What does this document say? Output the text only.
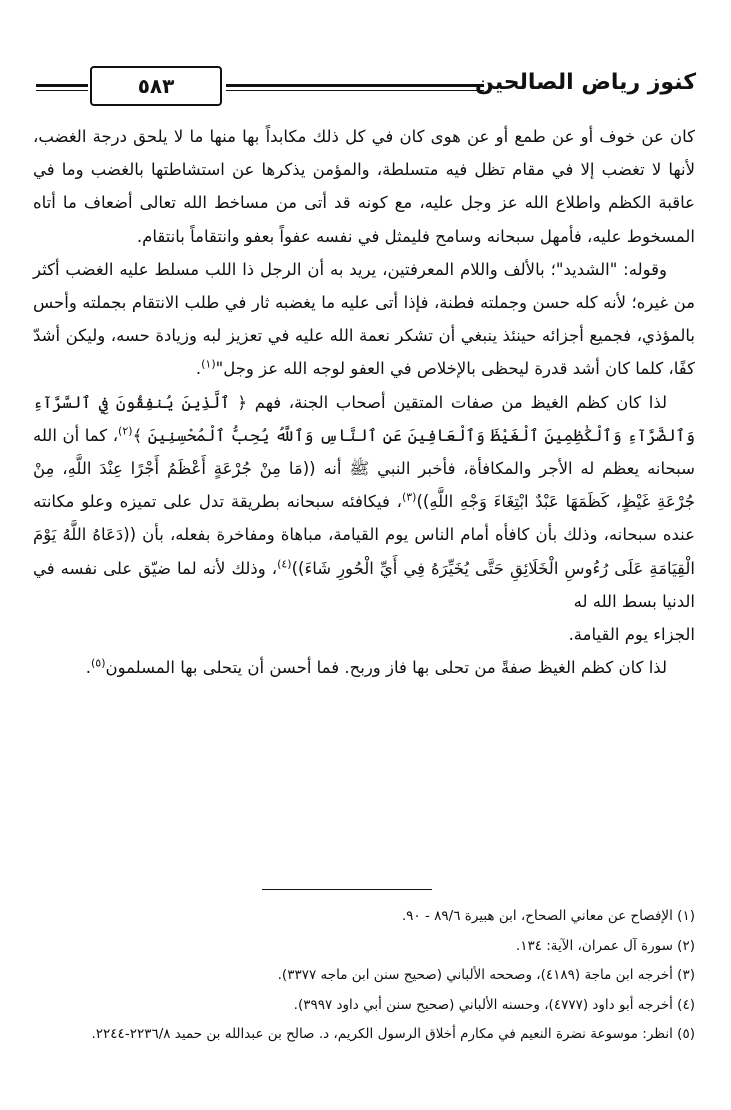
كنوز رياض الصالحين
٥٨٣

كان عن خوف أو عن طمع أو عن هوى كان في كل ذلك مكابداً بها منها ما لا يلحق درجة الغضب، لأنها لا تغضب إلا في مقام تظل فيه متسلطة، والمؤمن يذكرها عن استشاطتها بالغضب وما في عاقبة الكظم واطلاع الله عز وجل عليه، مع كونه قد أتى من مساخط الله تعالى أضعاف ما أتاه المسخوط عليه، فأمهل سبحانه وسامح فليمثل في نفسه عفواً بعفو وانتقاماً بانتقام.

وقوله: "الشديد"؛ بالألف واللام المعرفتين، يريد به أن الرجل ذا اللب مسلط عليه الغضب أكثر من غيره؛ لأنه كله حسن وجملته فطنة، فإذا أتى عليه ما يغضبه ثار في طلب الانتقام بجملته وأحس بالمؤذي، فجميع أجزائه حينئذ ينبغي أن تشكر نعمة الله عليه في تعزيز لبه وزيادة حسه، وليكن أشدّ كفًا، كلما كان أشد قدرة ليحظى بالإخلاص في العفو لوجه الله عز وجل"$^{(١)}$.

لذا كان كظم الغيظ من صفات المتقين أصحاب الجنة، فهم ﴿ ٱلَّذِينَ يُنفِقُونَ فِي ٱلسَّرَّآءِ وَٱلضَّرَّآءِ وَٱلْكَٰظِمِينَ ٱلْغَيْظَ وَٱلْعَافِينَ عَنِ ٱلنَّاسِ وَٱللَّهُ يُحِبُّ ٱلْمُحْسِنِينَ ﴾$^{(٢)}$، كما أن الله سبحانه يعظم له الأجر والمكافأة، فأخبر النبي ﷺ أنه ((مَا مِنْ جُرْعَةٍ أَعْظَمُ أَجْرًا عِنْدَ اللَّهِ، مِنْ جُرْعَةِ غَيْظٍ، كَظَمَهَا عَبْدٌ ابْتِغَاءَ وَجْهِ اللَّهِ))$^{(٣)}$، فيكافئه سبحانه بطريقة تدل على تميزه وعلو مكانته عنده سبحانه، وذلك بأن كافأه أمام الناس يوم القيامة، مباهاة ومفاخرة بفعله، بأن ((دَعَاهُ اللَّهُ يَوْمَ الْقِيَامَةِ عَلَى رُءُوسِ الْخَلَائِقِ حَتَّى يُخَيِّرَهُ فِي أَيِّ الْحُورِ شَاءَ))$^{(٤)}$، وذلك لأنه لما ضيّق على نفسه في الدنيا بسط الله له

الجزاء يوم القيامة.

لذا كان كظم الغيظ صفةً من تحلى بها فاز وربح. فما أحسن أن يتحلى بها المسلمون$^{(٥)}$.

(١) الإفصاح عن معاني الصحاح، ابن هبيرة ٨٩/٦ - ٩٠.
(٢) سورة آل عمران، الآية: ١٣٤.
(٣) أخرجه ابن ماجة (٤١٨٩)، وصححه الألباني (صحيح سنن ابن ماجه ٣٣٧٧).
(٤) أخرجه أبو داود (٤٧٧٧)، وحسنه الألباني (صحيح سنن أبي داود ٣٩٩٧).
(٥) انظر: موسوعة نضرة النعيم في مكارم أخلاق الرسول الكريم، د. صالح بن عبدالله بن حميد ٢٢٣٦/٨-٢٢٤٤.
